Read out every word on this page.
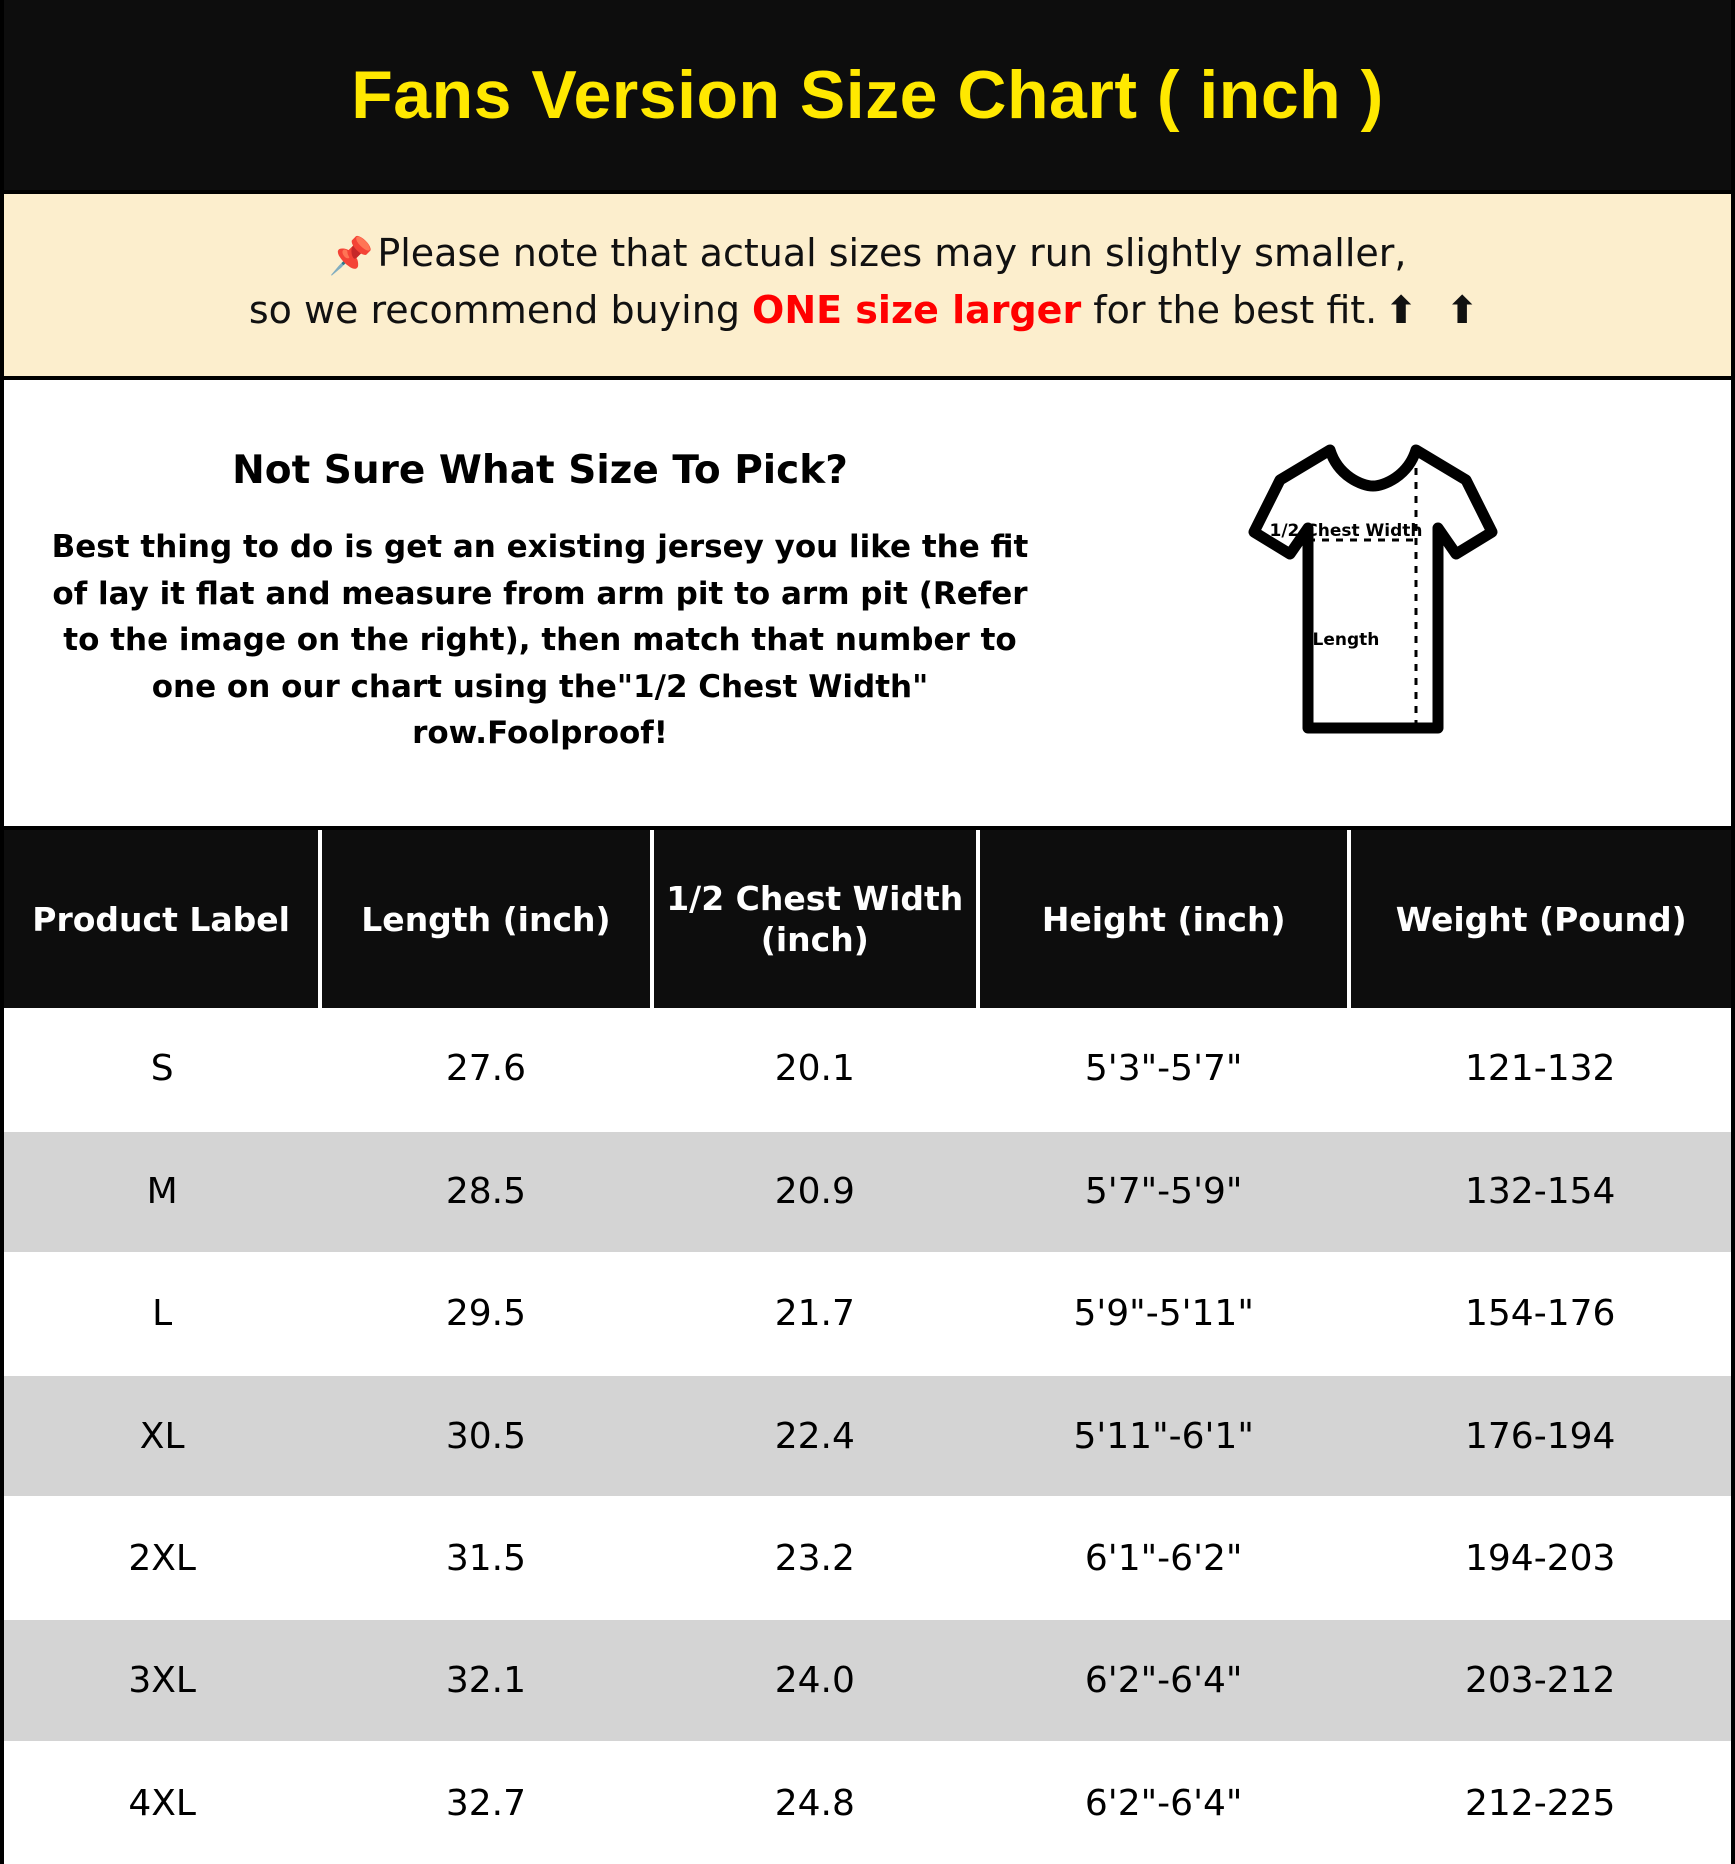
Fans Version Size Chart ( inch )
📌 Please note that actual sizes may run slightly smaller,
so we recommend buying ONE size larger for the best fit. ⬆ ⬆

Not Sure What Size To Pick?

Best thing to do is get an existing jersey you like the fit of lay it flat and measure from arm pit to arm pit (Refer to the image on the right), then match that number to one on our chart using the"1/2 Chest Width" row.Foolproof!

1/2 Chest Width
Length
Product Label	Length (inch)	1/2 Chest Width (inch)	Height (inch)	Weight (Pound)
S	27.6	20.1	5'3"-5'7"	121-132
M	28.5	20.9	5'7"-5'9"	132-154
L	29.5	21.7	5'9"-5'11"	154-176
XL	30.5	22.4	5'11"-6'1"	176-194
2XL	31.5	23.2	6'1"-6'2"	194-203
3XL	32.1	24.0	6'2"-6'4"	203-212
4XL	32.7	24.8	6'2"-6'4"	212-225
